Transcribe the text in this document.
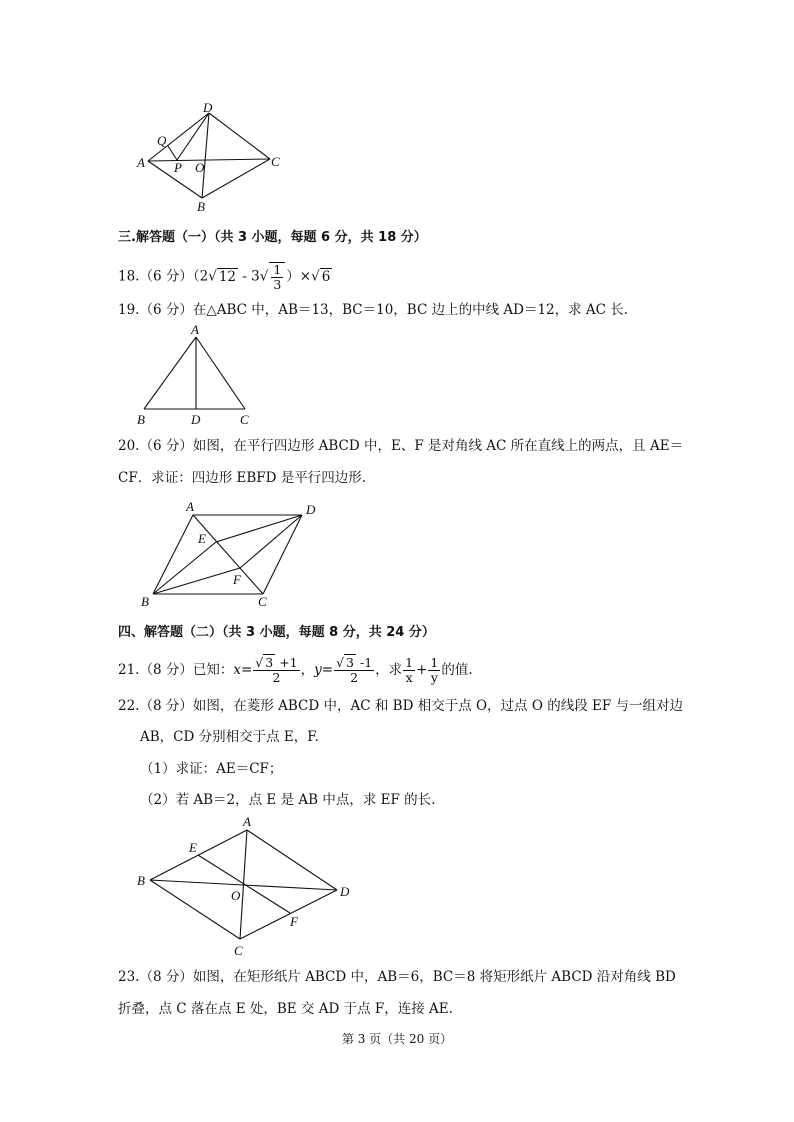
D
Q
A P O	C
B
三.解答题（一）（共 3 小题，每题 6 分，共 18 分）
18.（6 分）（2√ $12 - 3√ \frac{1}{3}$ ）×√ 6
19.（6 分）在△ABC 中，AB＝13，BC＝10，BC 边上的中线 AD＝12，求 AC 长.
A
B	D	C
20.（6 分）如图，在平行四边形 ABCD 中，E、F 是对角线 AC 所在直线上的两点，且 AE＝
CF．求证：四边形 EBFD 是平行四边形.
A	D
E
F
B	C
四、解答题（二）（共 3 小题，每题 8 分，共 24 分）
21.（8 分）已知：$x= \frac{√ 3 +1}{2}$ ，$y= \frac{√ 3 -1}{2}$ ，求 $\frac{1}{x} + \frac{1}{y}$ 的值.
22.（8 分）如图，在菱形 ABCD 中，AC 和 BD 相交于点 O，过点 O 的线段 EF 与一组对边
AB，CD 分别相交于点 E，F.
（1）求证：AE＝CF；
（2）若 AB＝2，点 E 是 AB 中点，求 EF 的长.
A
E
B
O	D
F
C
23.（8 分）如图，在矩形纸片 ABCD 中，AB＝6，BC＝8 将矩形纸片 ABCD 沿对角线 BD
折叠，点 C 落在点 E 处，BE 交 AD 于点 F，连接 AE.
第 3 页（共 20 页）
